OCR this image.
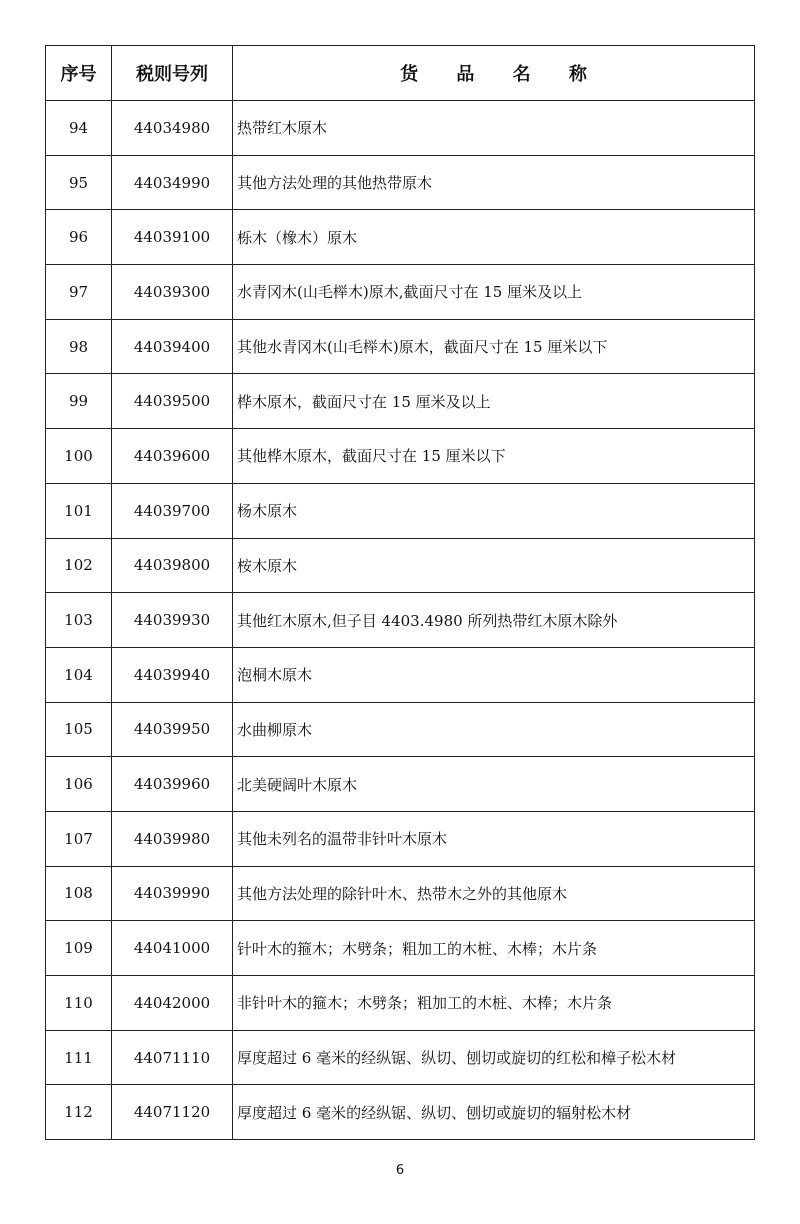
序号	税则号列	货 品 名 称
94	44034980	热带红木原木
95	44034990	其他方法处理的其他热带原木
96	44039100	栎木（橡木）原木
97	44039300	水青冈木(山毛榉木)原木,截面尺寸在 15 厘米及以上
98	44039400	其他水青冈木(山毛榉木)原木，截面尺寸在 15 厘米以下
99	44039500	桦木原木，截面尺寸在 15 厘米及以上
100	44039600	其他桦木原木，截面尺寸在 15 厘米以下
101	44039700	杨木原木
102	44039800	桉木原木
103	44039930	其他红木原木,但子目 4403.4980 所列热带红木原木除外
104	44039940	泡桐木原木
105	44039950	水曲柳原木
106	44039960	北美硬阔叶木原木
107	44039980	其他未列名的温带非针叶木原木
108	44039990	其他方法处理的除针叶木、热带木之外的其他原木
109	44041000	针叶木的箍木；木劈条；粗加工的木桩、木棒；木片条
110	44042000	非针叶木的箍木；木劈条；粗加工的木桩、木棒；木片条
111	44071110	厚度超过 6 毫米的经纵锯、纵切、刨切或旋切的红松和樟子松木材
112	44071120	厚度超过 6 毫米的经纵锯、纵切、刨切或旋切的辐射松木材
6
